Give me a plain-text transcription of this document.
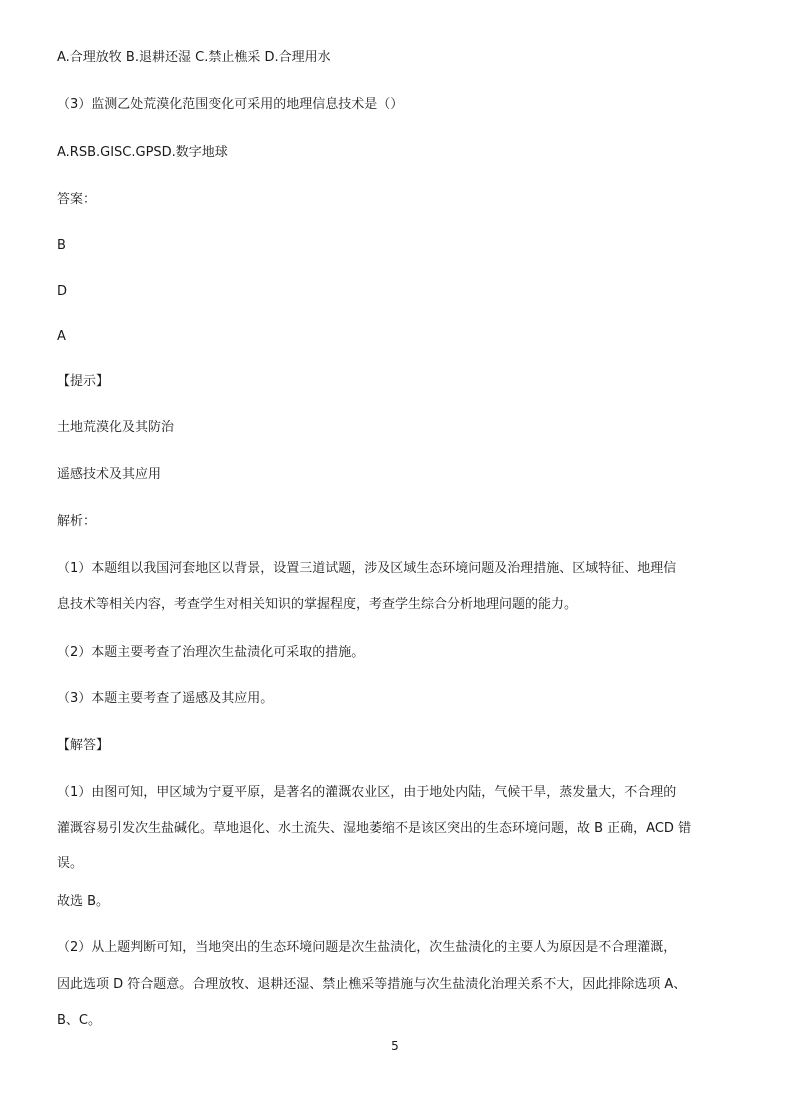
A.合理放牧 B.退耕还湿 C.禁止樵采 D.合理用水
（3）监测乙处荒漠化范围变化可采用的地理信息技术是（）
A.RSB.GISC.GPSD.数字地球
答案：
B
D
A
【提示】
土地荒漠化及其防治
遥感技术及其应用
解析：
（1）本题组以我国河套地区以背景，设置三道试题，涉及区域生态环境问题及治理措施、区域特征、地理信
息技术等相关内容，考查学生对相关知识的掌握程度，考查学生综合分析地理问题的能力。
（2）本题主要考查了治理次生盐渍化可采取的措施。
（3）本题主要考查了遥感及其应用。
【解答】
（1）由图可知，甲区域为宁夏平原，是著名的灌溉农业区，由于地处内陆，气候干旱，蒸发量大，不合理的
灌溉容易引发次生盐碱化。草地退化、水土流失、湿地萎缩不是该区突出的生态环境问题，故 B 正确，ACD 错
误。
故选 B。
（2）从上题判断可知，当地突出的生态环境问题是次生盐渍化，次生盐渍化的主要人为原因是不合理灌溉，
因此选项 D 符合题意。合理放牧、退耕还湿、禁止樵采等措施与次生盐渍化治理关系不大，因此排除选项 A、
B、C。
5
